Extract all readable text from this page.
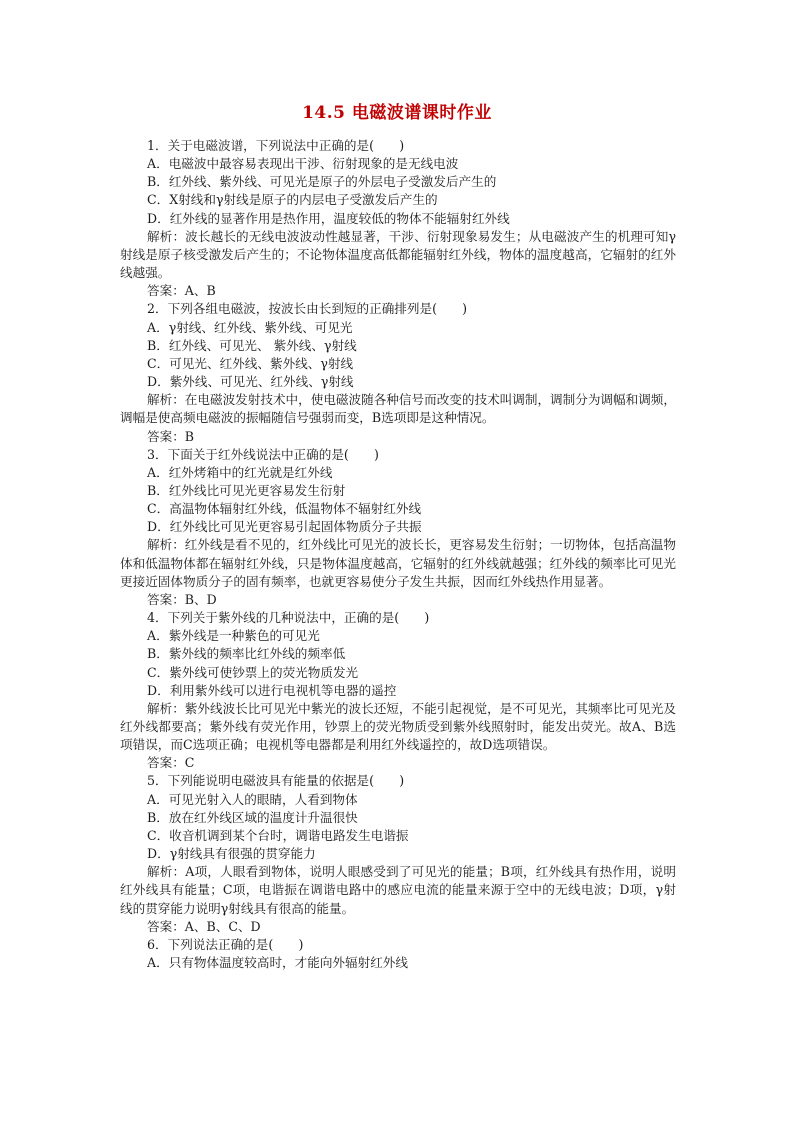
14.5 电磁波谱课时作业

1．关于电磁波谱，下列说法中正确的是(　　)

A．电磁波中最容易表现出干涉、衍射现象的是无线电波

B．红外线、紫外线、可见光是原子的外层电子受激发后产生的

C．X射线和γ射线是原子的内层电子受激发后产生的

D．红外线的显著作用是热作用，温度较低的物体不能辐射红外线

解析：波长越长的无线电波波动性越显著，干涉、衍射现象易发生；从电磁波产生的机理可知γ射线是原子核受激发后产生的；不论物体温度高低都能辐射红外线，物体的温度越高，它辐射的红外线越强。

答案：A、B

2．下列各组电磁波，按波长由长到短的正确排列是(　　)

A．γ射线、红外线、紫外线、可见光

B．红外线、可见光、 紫外线、γ射线

C．可见光、红外线、紫外线、γ射线

D．紫外线、可见光、红外线、γ射线

解析：在电磁波发射技术中，使电磁波随各种信号而改变的技术叫调制，调制分为调幅和调频，调幅是使高频电磁波的振幅随信号强弱而变，B选项即是这种情况。

答案：B

3．下面关于红外线说法中正确的是(　　)

A．红外烤箱中的红光就是红外线

B．红外线比可见光更容易发生衍射

C．高温物体辐射红外线，低温物体不辐射红外线

D．红外线比可见光更容易引起固体物质分子共振

解析：红外线是看不见的，红外线比可见光的波长长，更容易发生衍射；一切物体，包括高温物体和低温物体都在辐射红外线，只是物体温度越高，它辐射的红外线就越强；红外线的频率比可见光更接近固体物质分子的固有频率，也就更容易使分子发生共振，因而红外线热作用显著。

答案：B、D

4．下列关于紫外线的几种说法中，正确的是(　　)

A．紫外线是一种紫色的可见光

B．紫外线的频率比红外线的频率低

C．紫外线可使钞票上的荧光物质发光

D．利用紫外线可以进行电视机等电器的遥控

解析：紫外线波长比可见光中紫光的波长还短，不能引起视觉，是不可见光，其频率比可见光及红外线都要高；紫外线有荧光作用，钞票上的荧光物质受到紫外线照射时，能发出荧光。故A、B选项错误，而C选项正确；电视机等电器都是利用红外线遥控的，故D选项错误。

答案：C

5．下列能说明电磁波具有能量的依据是(　　)

A．可见光射入人的眼睛，人看到物体

B．放在红外线区域的温度计升温很快

C．收音机调到某个台时，调谐电路发生电谐振

D．γ射线具有很强的贯穿能力

解析：A项，人眼看到物体，说明人眼感受到了可见光的能量；B项，红外线具有热作用，说明红外线具有能量；C项，电谐振在调谐电路中的感应电流的能量来源于空中的无线电波；D项，γ射线的贯穿能力说明γ射线具有很高的能量。

答案：A、B、C、D

6．下列说法正确的是(　　)

A．只有物体温度较高时，才能向外辐射红外线
